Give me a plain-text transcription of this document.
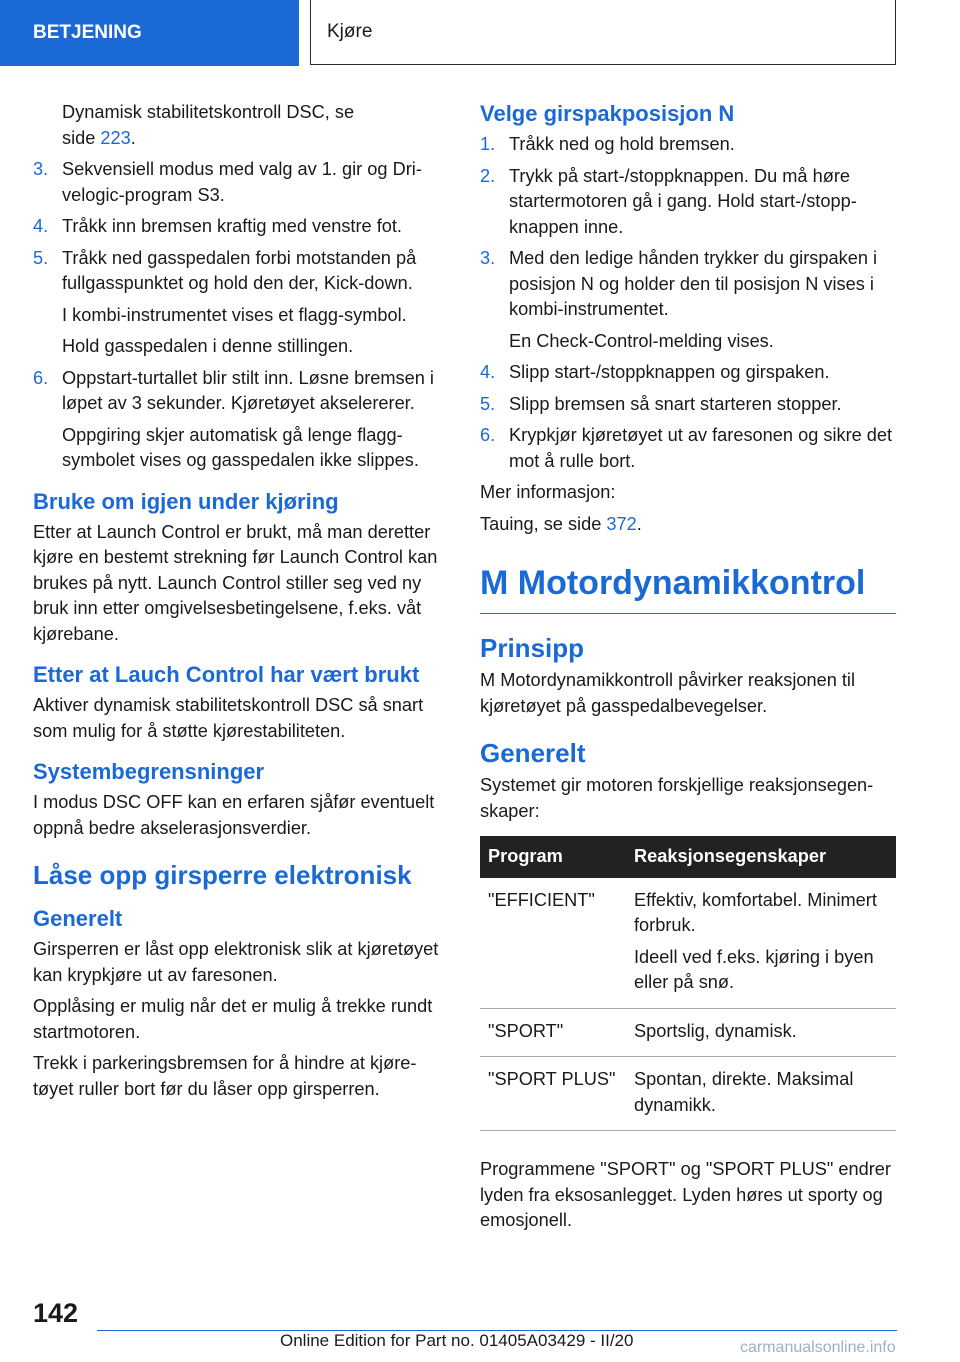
BETJENING	Kjøre

Dynamisk stabilitetskontroll DSC, se
side 223.

3. Sekvensiell modus med valg av 1. gir og Drivelogic-program S3.
4. Tråkk inn bremsen kraftig med venstre fot.
5. Tråkk ned gasspedalen forbi motstanden på fullgasspunktet og hold den der, Kick-down.

I kombi-instrumentet vises et flagg-symbol.

Hold gasspedalen i denne stillingen.

6. Oppstart-turtallet blir stilt inn. Løsne bremsen i løpet av 3 sekunder. Kjøretøyet akselererer.

Oppgiring skjer automatisk gå lenge flaggsymbolet vises og gasspedalen ikke slippes.

Bruke om igjen under kjøring

Etter at Launch Control er brukt, må man deretter kjøre en bestemt strekning før Launch Control kan brukes på nytt. Launch Control stiller seg ved ny bruk inn etter omgivelsesbetingelsene, f.eks. våt kjørebane.

Etter at Lauch Control har vært brukt

Aktiver dynamisk stabilitetskontroll DSC så snart som mulig for å støtte kjørestabiliteten.

Systembegrensninger

I modus DSC OFF kan en erfaren sjåfør eventuelt oppnå bedre akselerasjonsverdier.

Låse opp girsperre elektronisk
Generelt

Girsperren er låst opp elektronisk slik at kjøretøyet kan krypkjøre ut av faresonen.

Opplåsing er mulig når det er mulig å trekke rundt startmotoren.

Trekk i parkeringsbremsen for å hindre at kjøretøyet ruller bort før du låser opp girsperren.

Velge girspakposisjon N
1. Tråkk ned og hold bremsen.
2. Trykk på start-/stoppknappen. Du må høre startermotoren gå i gang. Hold start-/stoppknappen inne.
3. Med den ledige hånden trykker du girspaken i posisjon N og holder den til posisjon N vises i kombi-instrumentet.

En Check-Control-melding vises.

4. Slipp start-/stoppknappen og girspaken.
5. Slipp bremsen så snart starteren stopper.
6. Krypkjør kjøretøyet ut av faresonen og sikre det mot å rulle bort.

Mer informasjon:

Tauing, se side 372.

M Motordynamikkontrol
Prinsipp

M Motordynamikkontroll påvirker reaksjonen til kjøretøyet på gasspedalbevegelser.

Generelt

Systemet gir motoren forskjellige reaksjonsegenskaper:

Program	Reaksjonsegenskaper
"EFFICIENT"	Effektiv, komfortabel. Minimert forbruk.
Ideell ved f.eks. kjøring i byen eller på snø.

"SPORT"	Sportslig, dynamisk.
"SPORT PLUS"	Spontan, direkte. Maksimal dynamikk.

Programmene "SPORT" og "SPORT PLUS" endrer lyden fra eksosanlegget. Lyden høres ut sporty og emosjonell.

142
Online Edition for Part no. 01405A03429 - II/20	carmanualsonline.info
